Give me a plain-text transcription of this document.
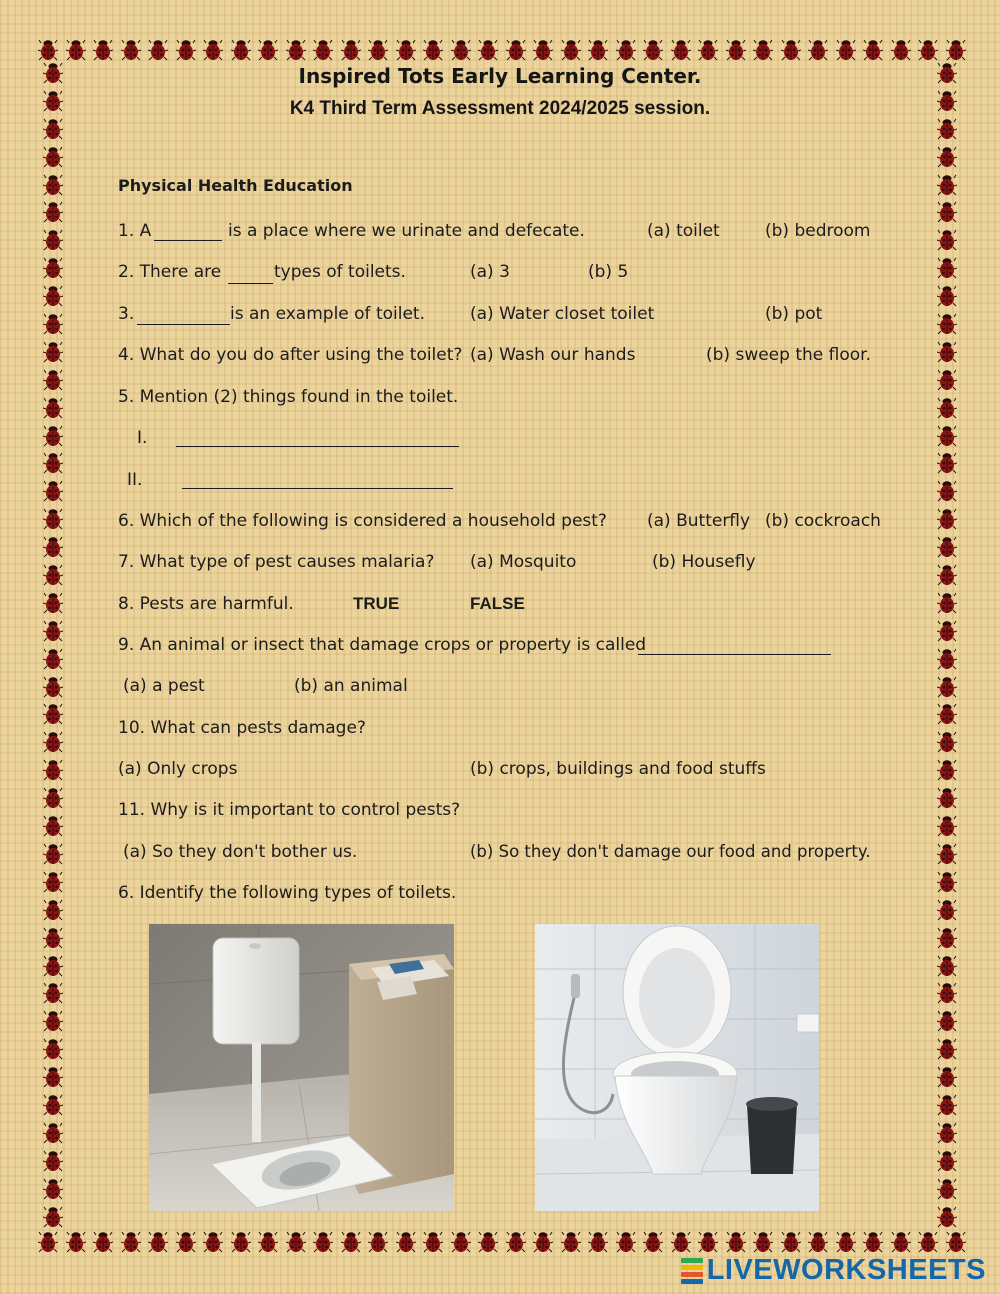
Inspired Tots Early Learning Center.
K4 Third Term Assessment 2024/2025 session.
Physical Health Education
1. A	is a place where we urinate and defecate.	(a) toilet	(b) bedroom
2. There are	types of toilets.	(a) 3	(b) 5
3.	is an example of toilet.	(a) Water closet toilet	(b) pot
4. What do you do after using the toilet? (a) Wash our hands	(b) sweep the floor.
5. Mention (2) things found in the toilet.
I.
II.
6. Which of the following is considered a household pest? (a) Butterfly (b) cockroach
7. What type of pest causes malaria? (a) Mosquito	(b) Housefly
8. Pests are harmful.	TRUE	FALSE
9. An animal or insect that damage crops or property is called
(a) a pest	(b) an animal
10. What can pests damage?
(a) Only crops	(b) crops, buildings and food stuffs
11. Why is it important to control pests?
(a) So they don't bother us.	(b) So they don't damage our food and property.
6. Identify the following types of toilets.
LIVEWORKSHEETS
